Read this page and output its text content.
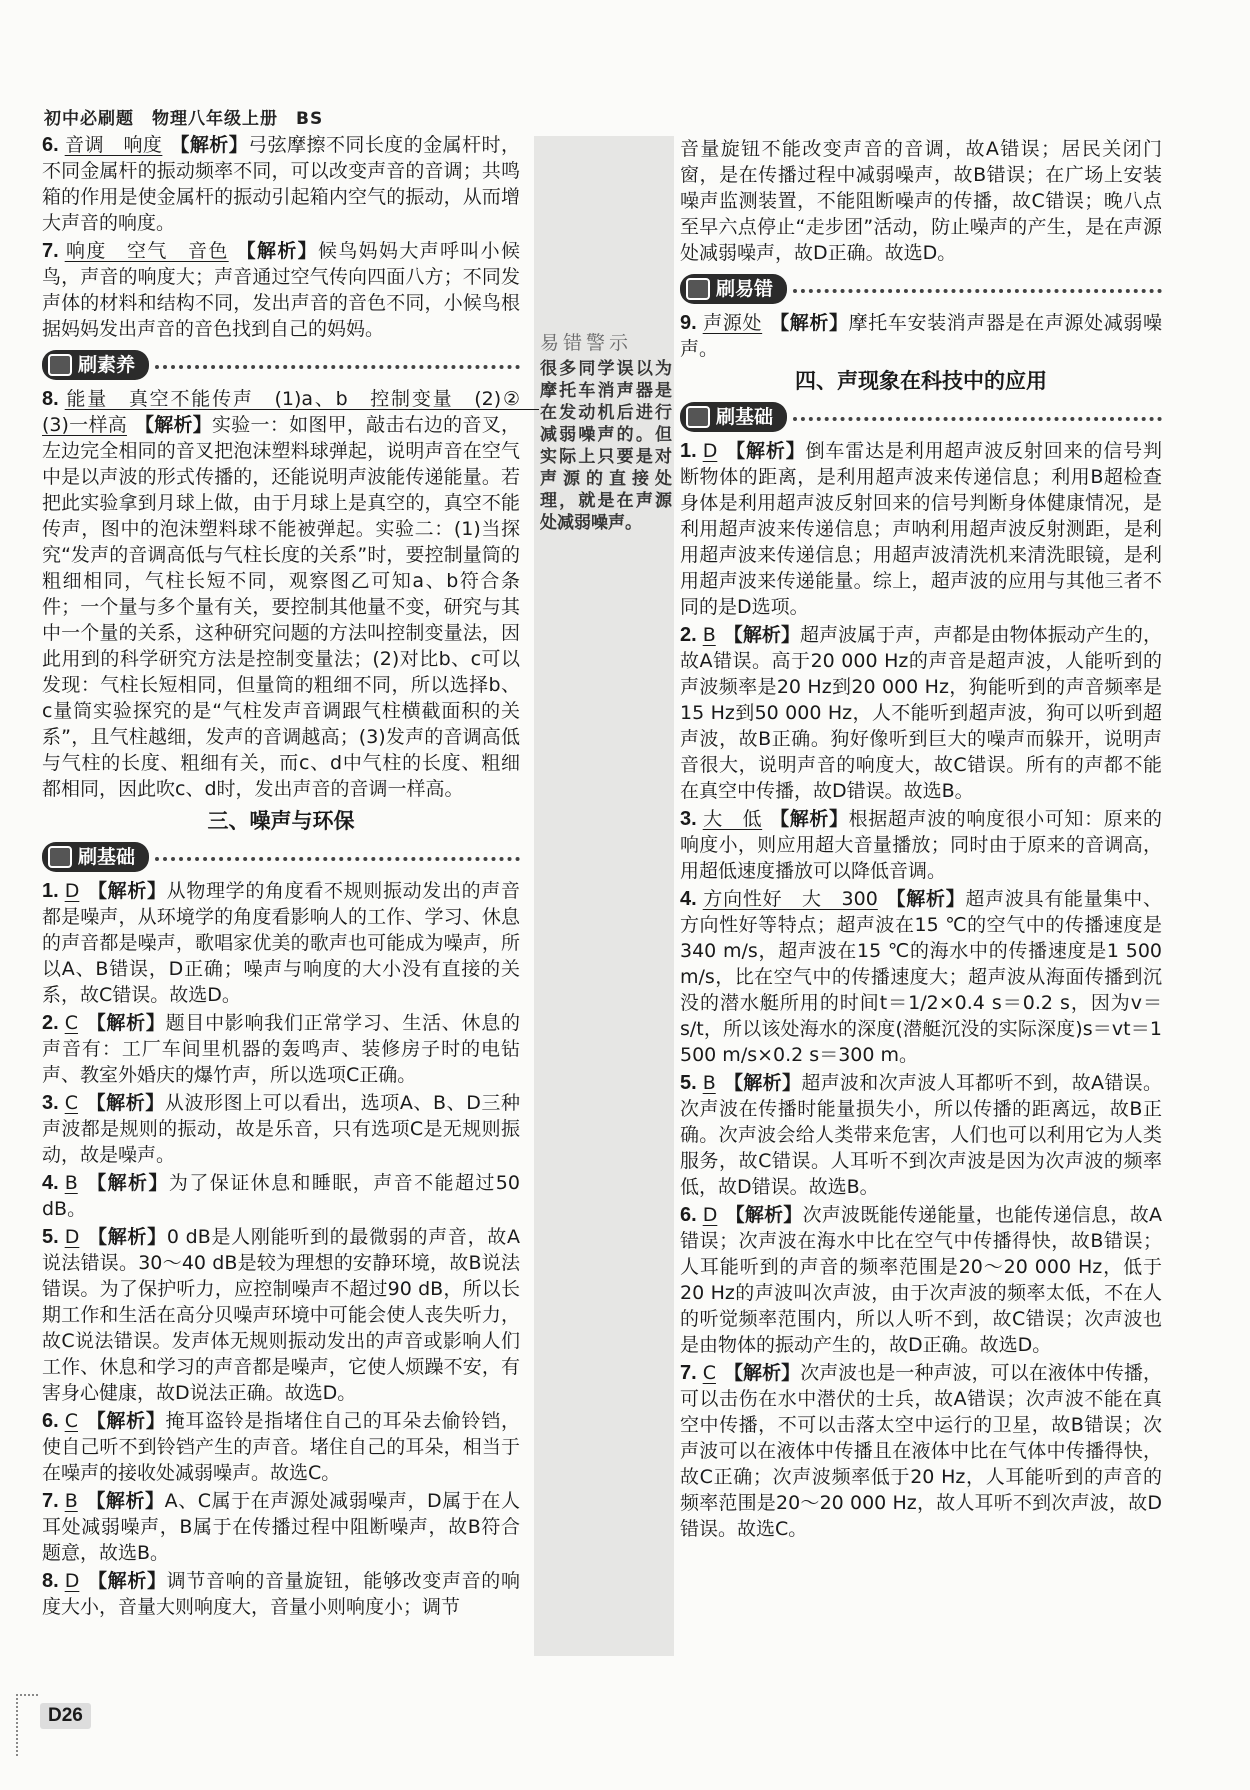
初中必刷题　物理八年级上册　BS
易错警示
很多同学误以为摩托车消声器是在发动机后进行减弱噪声的。但实际上只要是对声源的直接处理，就是在声源处减弱噪声。
6. 音调　响度 【解析】弓弦摩擦不同长度的金属杆时，不同金属杆的振动频率不同，可以改变声音的音调；共鸣箱的作用是使金属杆的振动引起箱内空气的振动，从而增大声音的响度。
7. 响度　空气　音色 【解析】候鸟妈妈大声呼叫小候鸟，声音的响度大；声音通过空气传向四面八方；不同发声体的材料和结构不同，发出声音的音色不同，小候鸟根据妈妈发出声音的音色找到自己的妈妈。
刷素养
8. 能量　真空不能传声　(1)a、b　控制变量　(2)②　(3)一样高 【解析】实验一：如图甲，敲击右边的音叉，左边完全相同的音叉把泡沫塑料球弹起，说明声音在空气中是以声波的形式传播的，还能说明声波能传递能量。若把此实验拿到月球上做，由于月球上是真空的，真空不能传声，图中的泡沫塑料球不能被弹起。实验二：(1)当探究“发声的音调高低与气柱长度的关系”时，要控制量筒的粗细相同，气柱长短不同，观察图乙可知a、b符合条件；一个量与多个量有关，要控制其他量不变，研究与其中一个量的关系，这种研究问题的方法叫控制变量法，因此用到的科学研究方法是控制变量法；(2)对比b、c可以发现：气柱长短相同，但量筒的粗细不同，所以选择b、c量筒实验探究的是“气柱发声音调跟气柱横截面积的关系”，且气柱越细，发声的音调越高；(3)发声的音调高低与气柱的长度、粗细有关，而c、d中气柱的长度、粗细都相同，因此吹c、d时，发出声音的音调一样高。
三、噪声与环保
刷基础
1. D 【解析】从物理学的角度看不规则振动发出的声音都是噪声，从环境学的角度看影响人的工作、学习、休息的声音都是噪声，歌唱家优美的歌声也可能成为噪声，所以A、B错误，D正确；噪声与响度的大小没有直接的关系，故C错误。故选D。
2. C 【解析】题目中影响我们正常学习、生活、休息的声音有：工厂车间里机器的轰鸣声、装修房子时的电钻声、教室外婚庆的爆竹声，所以选项C正确。
3. C 【解析】从波形图上可以看出，选项A、B、D三种声波都是规则的振动，故是乐音，只有选项C是无规则振动，故是噪声。
4. B 【解析】为了保证休息和睡眠，声音不能超过50 dB。
5. D 【解析】0 dB是人刚能听到的最微弱的声音，故A说法错误。30～40 dB是较为理想的安静环境，故B说法错误。为了保护听力，应控制噪声不超过90 dB，所以长期工作和生活在高分贝噪声环境中可能会使人丧失听力，故C说法错误。发声体无规则振动发出的声音或影响人们工作、休息和学习的声音都是噪声，它使人烦躁不安，有害身心健康，故D说法正确。故选D。
6. C 【解析】掩耳盗铃是指堵住自己的耳朵去偷铃铛，使自己听不到铃铛产生的声音。堵住自己的耳朵，相当于在噪声的接收处减弱噪声。故选C。
7. B 【解析】A、C属于在声源处减弱噪声，D属于在人耳处减弱噪声，B属于在传播过程中阻断噪声，故B符合题意，故选B。
8. D 【解析】调节音响的音量旋钮，能够改变声音的响度大小，音量大则响度大，音量小则响度小；调节
音量旋钮不能改变声音的音调，故A错误；居民关闭门窗，是在传播过程中减弱噪声，故B错误；在广场上安装噪声监测装置，不能阻断噪声的传播，故C错误；晚八点至早六点停止“走步团”活动，防止噪声的产生，是在声源处减弱噪声，故D正确。故选D。
刷易错
9. 声源处 【解析】摩托车安装消声器是在声源处减弱噪声。
四、声现象在科技中的应用
刷基础
1. D 【解析】倒车雷达是利用超声波反射回来的信号判断物体的距离，是利用超声波来传递信息；利用B超检查身体是利用超声波反射回来的信号判断身体健康情况，是利用超声波来传递信息；声呐利用超声波反射测距，是利用超声波来传递信息；用超声波清洗机来清洗眼镜，是利用超声波来传递能量。综上，超声波的应用与其他三者不同的是D选项。
2. B 【解析】超声波属于声，声都是由物体振动产生的，故A错误。高于20 000 Hz的声音是超声波，人能听到的声波频率是20 Hz到20 000 Hz，狗能听到的声音频率是15 Hz到50 000 Hz，人不能听到超声波，狗可以听到超声波，故B正确。狗好像听到巨大的噪声而躲开，说明声音很大，说明声音的响度大，故C错误。所有的声都不能在真空中传播，故D错误。故选B。
3. 大　低 【解析】根据超声波的响度很小可知：原来的响度小，则应用超大音量播放；同时由于原来的音调高，用超低速度播放可以降低音调。
4. 方向性好　大　300 【解析】超声波具有能量集中、方向性好等特点；超声波在15 ℃的空气中的传播速度是340 m/s，超声波在15 ℃的海水中的传播速度是1 500 m/s，比在空气中的传播速度大；超声波从海面传播到沉没的潜水艇所用的时间t＝1/2×0.4 s＝0.2 s，因为v＝s/t，所以该处海水的深度(潜艇沉没的实际深度)s＝vt＝1 500 m/s×0.2 s＝300 m。
5. B 【解析】超声波和次声波人耳都听不到，故A错误。次声波在传播时能量损失小，所以传播的距离远，故B正确。次声波会给人类带来危害，人们也可以利用它为人类服务，故C错误。人耳听不到次声波是因为次声波的频率低，故D错误。故选B。
6. D 【解析】次声波既能传递能量，也能传递信息，故A错误；次声波在海水中比在空气中传播得快，故B错误；人耳能听到的声音的频率范围是20～20 000 Hz，低于20 Hz的声波叫次声波，由于次声波的频率太低，不在人的听觉频率范围内，所以人听不到，故C错误；次声波也是由物体的振动产生的，故D正确。故选D。
7. C 【解析】次声波也是一种声波，可以在液体中传播，可以击伤在水中潜伏的士兵，故A错误；次声波不能在真空中传播，不可以击落太空中运行的卫星，故B错误；次声波可以在液体中传播且在液体中比在气体中传播得快，故C正确；次声波频率低于20 Hz，人耳能听到的声音的频率范围是20～20 000 Hz，故人耳听不到次声波，故D错误。故选C。
D26
